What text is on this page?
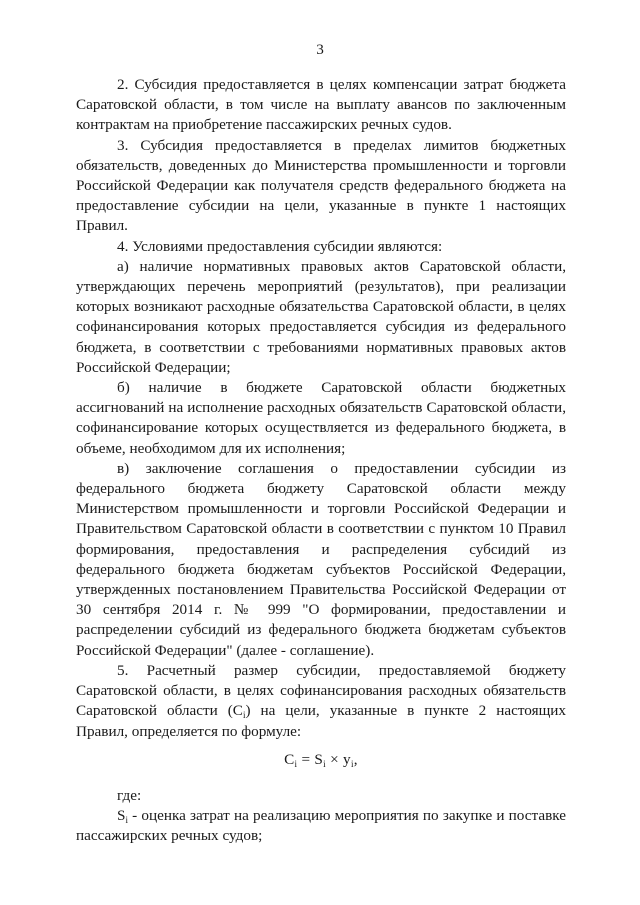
3

2. Субсидия предоставляется в целях компенсации затрат бюджета Саратовской области, в том числе на выплату авансов по заключенным контрактам на приобретение пассажирских речных судов.

3. Субсидия предоставляется в пределах лимитов бюджетных обязательств, доведенных до Министерства промышленности и торговли Российской Федерации как получателя средств федерального бюджета на предоставление субсидии на цели, указанные в пункте 1 настоящих Правил.

4. Условиями предоставления субсидии являются:

а) наличие нормативных правовых актов Саратовской области, утверждающих перечень мероприятий (результатов), при реализации которых возникают расходные обязательства Саратовской области, в целях софинансирования которых предоставляется субсидия из федерального бюджета, в соответствии с требованиями нормативных правовых актов Российской Федерации;

б) наличие в бюджете Саратовской области бюджетных ассигнований на исполнение расходных обязательств Саратовской области, софинансирование которых осуществляется из федерального бюджета, в объеме, необходимом для их исполнения;

в) заключение соглашения о предоставлении субсидии из федерального бюджета бюджету Саратовской области между Министерством промышленности и торговли Российской Федерации и Правительством Саратовской области в соответствии с пунктом 10 Правил формирования, предоставления и распределения субсидий из федерального бюджета бюджетам субъектов Российской Федерации, утвержденных постановлением Правительства Российской Федерации от 30 сентября 2014 г. № 999 "О формировании, предоставлении и распределении субсидий из федерального бюджета бюджетам субъектов Российской Федерации" (далее - соглашение).

5. Расчетный размер субсидии, предоставляемой бюджету Саратовской области, в целях софинансирования расходных обязательств Саратовской области $(C_i)$ на цели, указанные в пункте 2 настоящих Правил, определяется по формуле:

$C_i = S_i \times y_i$,

где:

$S_i$ - оценка затрат на реализацию мероприятия по закупке и поставке пассажирских речных судов;
